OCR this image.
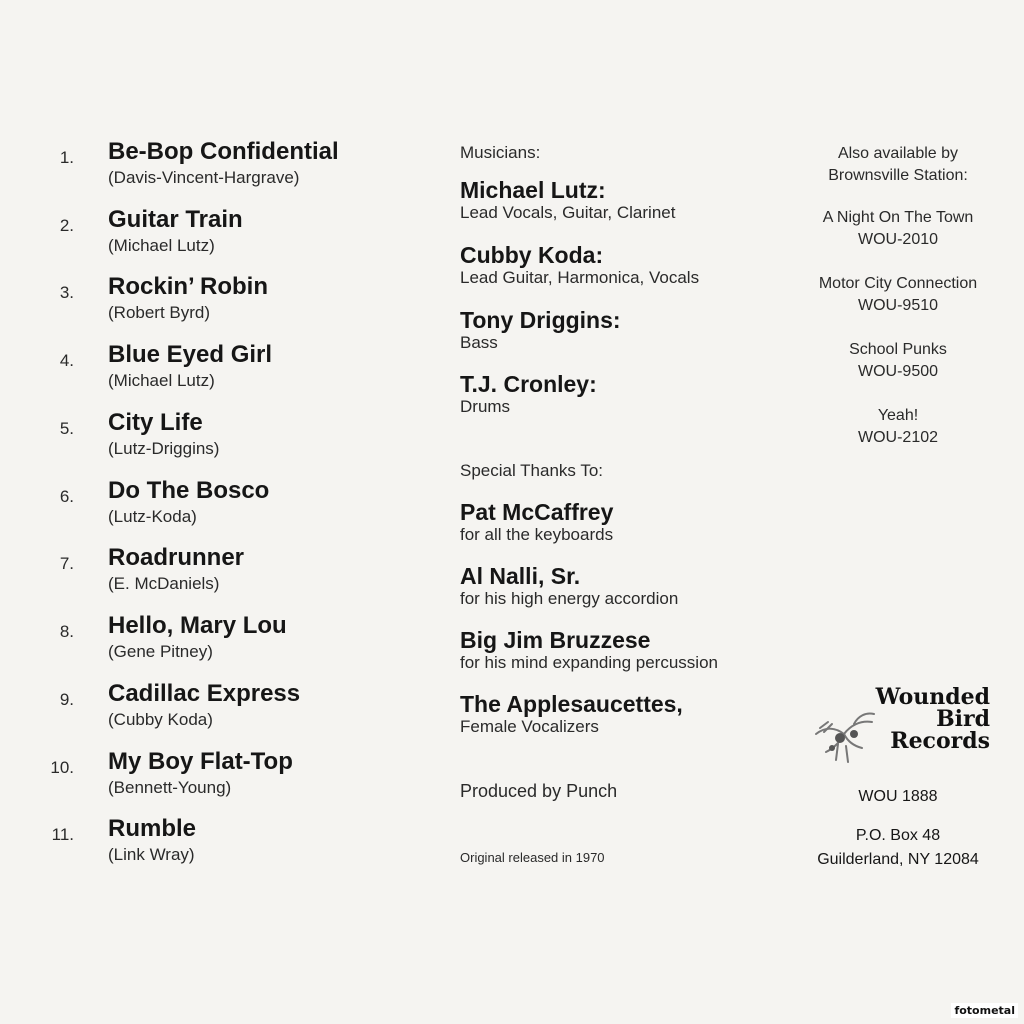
1. Be-Bop Confidential
(Davis-Vincent-Hargrave)
2. Guitar Train
(Michael Lutz)
3. Rockin’ Robin
(Robert Byrd)
4. Blue Eyed Girl
(Michael Lutz)
5. City Life
(Lutz-Driggins)
6. Do The Bosco
(Lutz-Koda)
7. Roadrunner
(E. McDaniels)
8. Hello, Mary Lou
(Gene Pitney)
9. Cadillac Express
(Cubby Koda)
10. My Boy Flat-Top
(Bennett-Young)
11. Rumble
(Link Wray)
Musicians:
Michael Lutz:
Lead Vocals, Guitar, Clarinet
Cubby Koda:
Lead Guitar, Harmonica, Vocals
Tony Driggins:
Bass
T.J. Cronley:
Drums
Special Thanks To:
Pat McCaffrey
for all the keyboards
Al Nalli, Sr.
for his high energy accordion
Big Jim Bruzzese
for his mind expanding percussion
The Applesaucettes,
Female Vocalizers
Produced by Punch
Original released in 1970
Also available by
Brownsville Station:
A Night On The Town
WOU-2010
Motor City Connection
WOU-9510
School Punks
WOU-9500
Yeah!
WOU-2102
Wounded
Bird
Records
WOU 1888
P.O. Box 48
Guilderland, NY 12084
fotometal
